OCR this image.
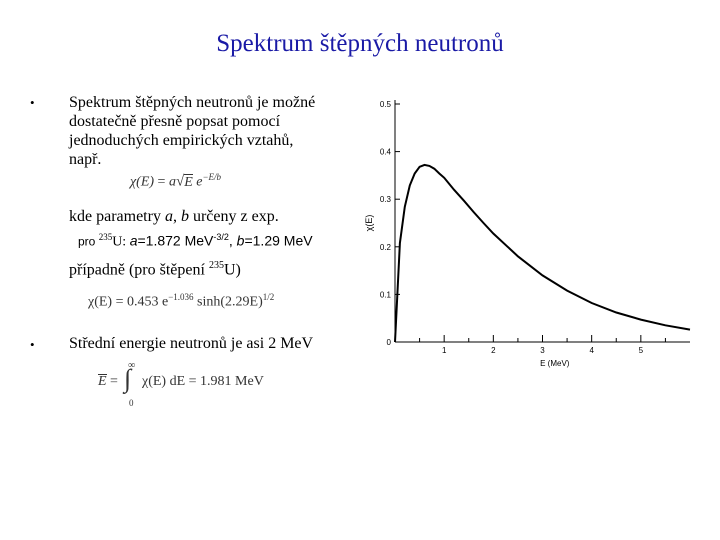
Spektrum štěpných neutronů
• Spektrum štěpných neutronů je možné
dostatečně přesně popsat pomocí
jednoduchých empirických vztahů,
např.
χ(E) = a√E $e^{-E/b}$
kde parametry a, b určeny z exp.
pro $^{235}$U: a=1.872 MeV$^{-3/2}$, b=1.29 MeV
případně (pro štěpení $^{235}$U)
χ(E) = 0.453 $e^{-1.036}$ $\sinh(2.29E)^{1/2}$
• Střední energie neutronů je asi 2 MeV
E =
∞
∫
0
χ(E) dE = 1.981 MeV
0
0.1
0.2
0.3
0.4
0.5
1	2	3	4	5
E (MeV)
χ(E)
